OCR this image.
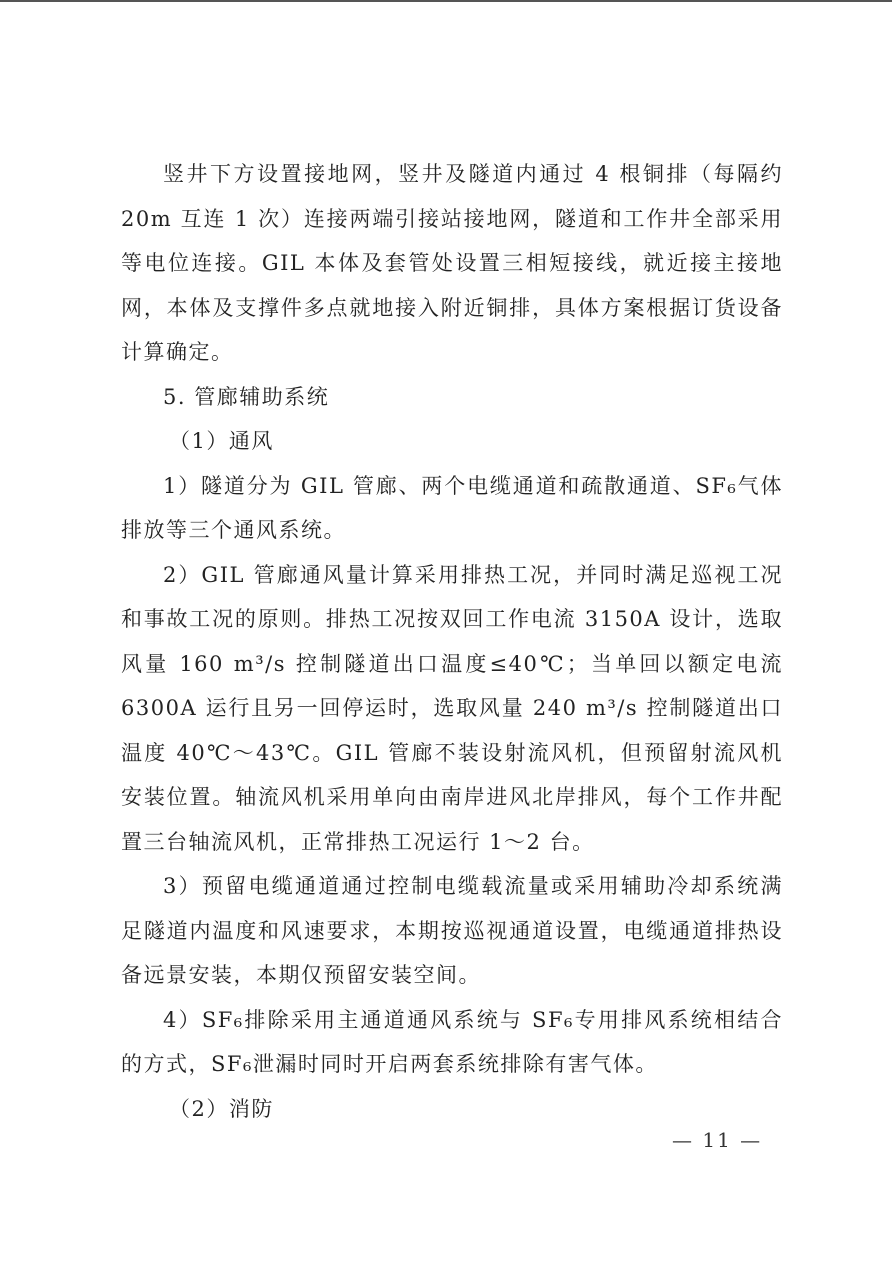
竖井下方设置接地网，竖井及隧道内通过 4 根铜排（每隔约 20m 互连 1 次）连接两端引接站接地网，隧道和工作井全部采用等电位连接。GIL 本体及套管处设置三相短接线，就近接主接地网，本体及支撑件多点就地接入附近铜排，具体方案根据订货设备计算确定。

5. 管廊辅助系统

（1）通风

1）隧道分为 GIL 管廊、两个电缆通道和疏散通道、SF₆气体排放等三个通风系统。

2）GIL 管廊通风量计算采用排热工况，并同时满足巡视工况和事故工况的原则。排热工况按双回工作电流 3150A 设计，选取风量 160 m³/s 控制隧道出口温度≤40℃；当单回以额定电流 6300A 运行且另一回停运时，选取风量 240 m³/s 控制隧道出口温度 40℃～43℃。GIL 管廊不装设射流风机，但预留射流风机安装位置。轴流风机采用单向由南岸进风北岸排风，每个工作井配置三台轴流风机，正常排热工况运行 1～2 台。

3）预留电缆通道通过控制电缆载流量或采用辅助冷却系统满足隧道内温度和风速要求，本期按巡视通道设置，电缆通道排热设备远景安装，本期仅预留安装空间。

4）SF₆排除采用主通道通风系统与 SF₆专用排风系统相结合的方式，SF₆泄漏时同时开启两套系统排除有害气体。

（2）消防

— 11 —
